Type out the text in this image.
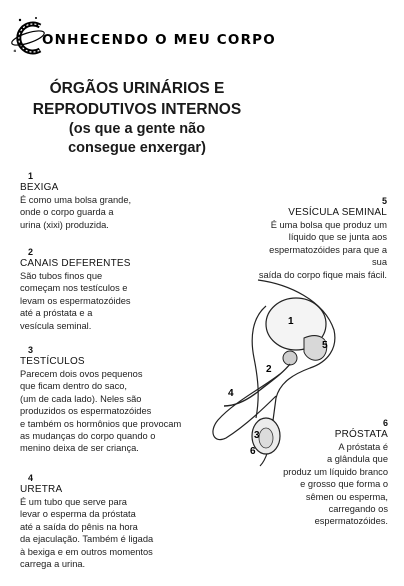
ONHECENDO O MEU CORPO
ÓRGÃOS URINÁRIOS E
REPRODUTIVOS INTERNOS
(os que a gente não
consegue enxergar)
1
BEXIGA
É como uma bolsa grande,
onde o corpo guarda a
urina (xixi) produzida.
2
CANAIS DEFERENTES
São tubos finos que
começam nos testículos e
levam os espermatozóides
até a próstata e a
vesícula seminal.
3
TESTÍCULOS
Parecem dois ovos pequenos
que ficam dentro do saco,
(um de cada lado). Neles são
produzidos os espermatozóides
e também os hormônios que provocam
as mudanças do corpo quando o
menino deixa de ser criança.
4
URETRA
É um tubo que serve para
levar o esperma da próstata
até a saída do pênis na hora
da ejaculação. Também é ligada
à bexiga e em outros momentos
carrega a urina.
5
VESÍCULA SEMINAL
É uma bolsa que produz um
líquido que se junta aos
espermatozóides para que a sua
saída do corpo fique mais fácil.
6
PRÓSTATA
A próstata é
a glândula que
produz um líquido branco
e grosso que forma o
sêmen ou esperma,
carregando os
espermatozóides.
1
2
3
4
5
6
